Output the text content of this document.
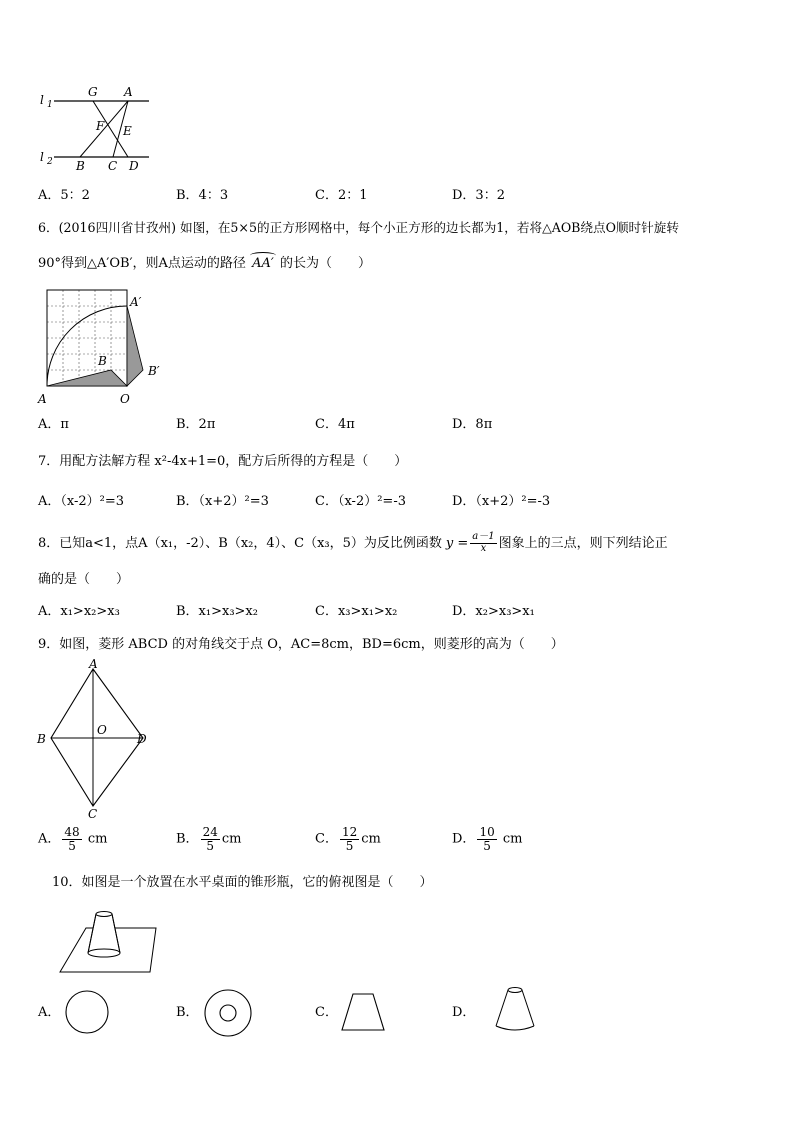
l 1
l 2
G A
F E
B C D
A．5：2	B．4：3	C．2：1	D．3：2
6．(2016四川省甘孜州) 如图，在5×5的正方形网格中，每个小正方形的边长都为1，若将△AOB绕点O顺时针旋转
90°得到△A′OB′，则A点运动的路径 AA′ 的长为（　　）
A	O
B
A′
B′
A．π	B．2π	C．4π	D．8π
7．用配方法解方程 x²-4x+1=0，配方后所得的方程是（　　）
A．（x-2）²=3	B．（x+2）²=3	C．（x-2）²=-3	D．（x+2）²=-3
8．已知a<1，点A（x₁，-2）、B（x₂，4）、C（x₃，5）为反比例函数 $y = \frac{a-1}{x}$ 图象上的三点，则下列结论正
确的是（　　）
A．x₁>x₂>x₃	B．x₁>x₃>x₂	C．x₃>x₁>x₂	D．x₂>x₃>x₁
9．如图，菱形 ABCD 的对角线交于点 O，AC=8cm，BD=6cm，则菱形的高为（　　）
A
B
O
D
C
A． $\frac{48}{5}$ cm	B． $\frac{24}{5}$ cm	C． $\frac{12}{5}$ cm	D． $\frac{10}{5}$ cm
10．如图是一个放置在水平桌面的锥形瓶，它的俯视图是（　　）
A．	B．	C．	D．
